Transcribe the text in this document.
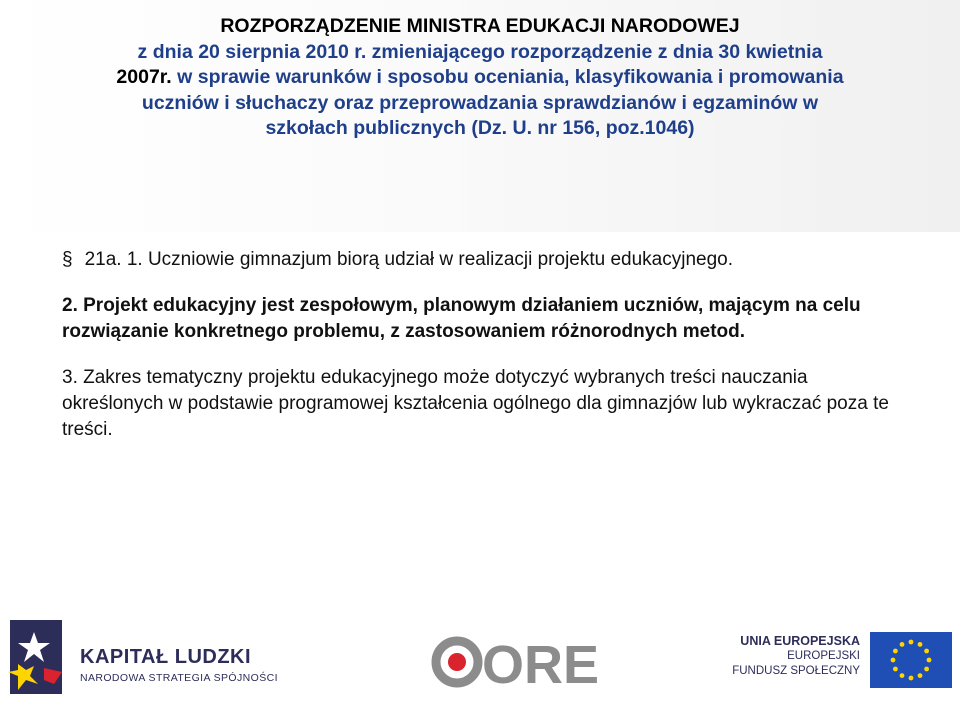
ROZPORZĄDZENIE MINISTRA EDUKACJI NARODOWEJ
z dnia 20 sierpnia 2010 r. zmieniającego rozporządzenie z dnia 30 kwietnia
2007r. w sprawie warunków i sposobu oceniania, klasyfikowania i promowania
uczniów i słuchaczy oraz przeprowadzania sprawdzianów i egzaminów w
szkołach publicznych (Dz. U. nr 156, poz.1046)

§ 21a. 1. Uczniowie gimnazjum biorą udział w realizacji projektu edukacyjnego.

2. Projekt edukacyjny jest zespołowym, planowym działaniem uczniów, mającym na celu rozwiązanie konkretnego problemu, z zastosowaniem różnorodnych metod.

3. Zakres tematyczny projektu edukacyjnego może dotyczyć wybranych treści nauczania określonych w podstawie programowej kształcenia ogólnego dla gimnazjów lub wykraczać poza te treści.

KAPITAŁ LUDZKI
NARODOWA STRATEGIA SPÓJNOŚCI	ORE	UNIA EUROPEJSKA
EUROPEJSKI
FUNDUSZ SPOŁECZNY
